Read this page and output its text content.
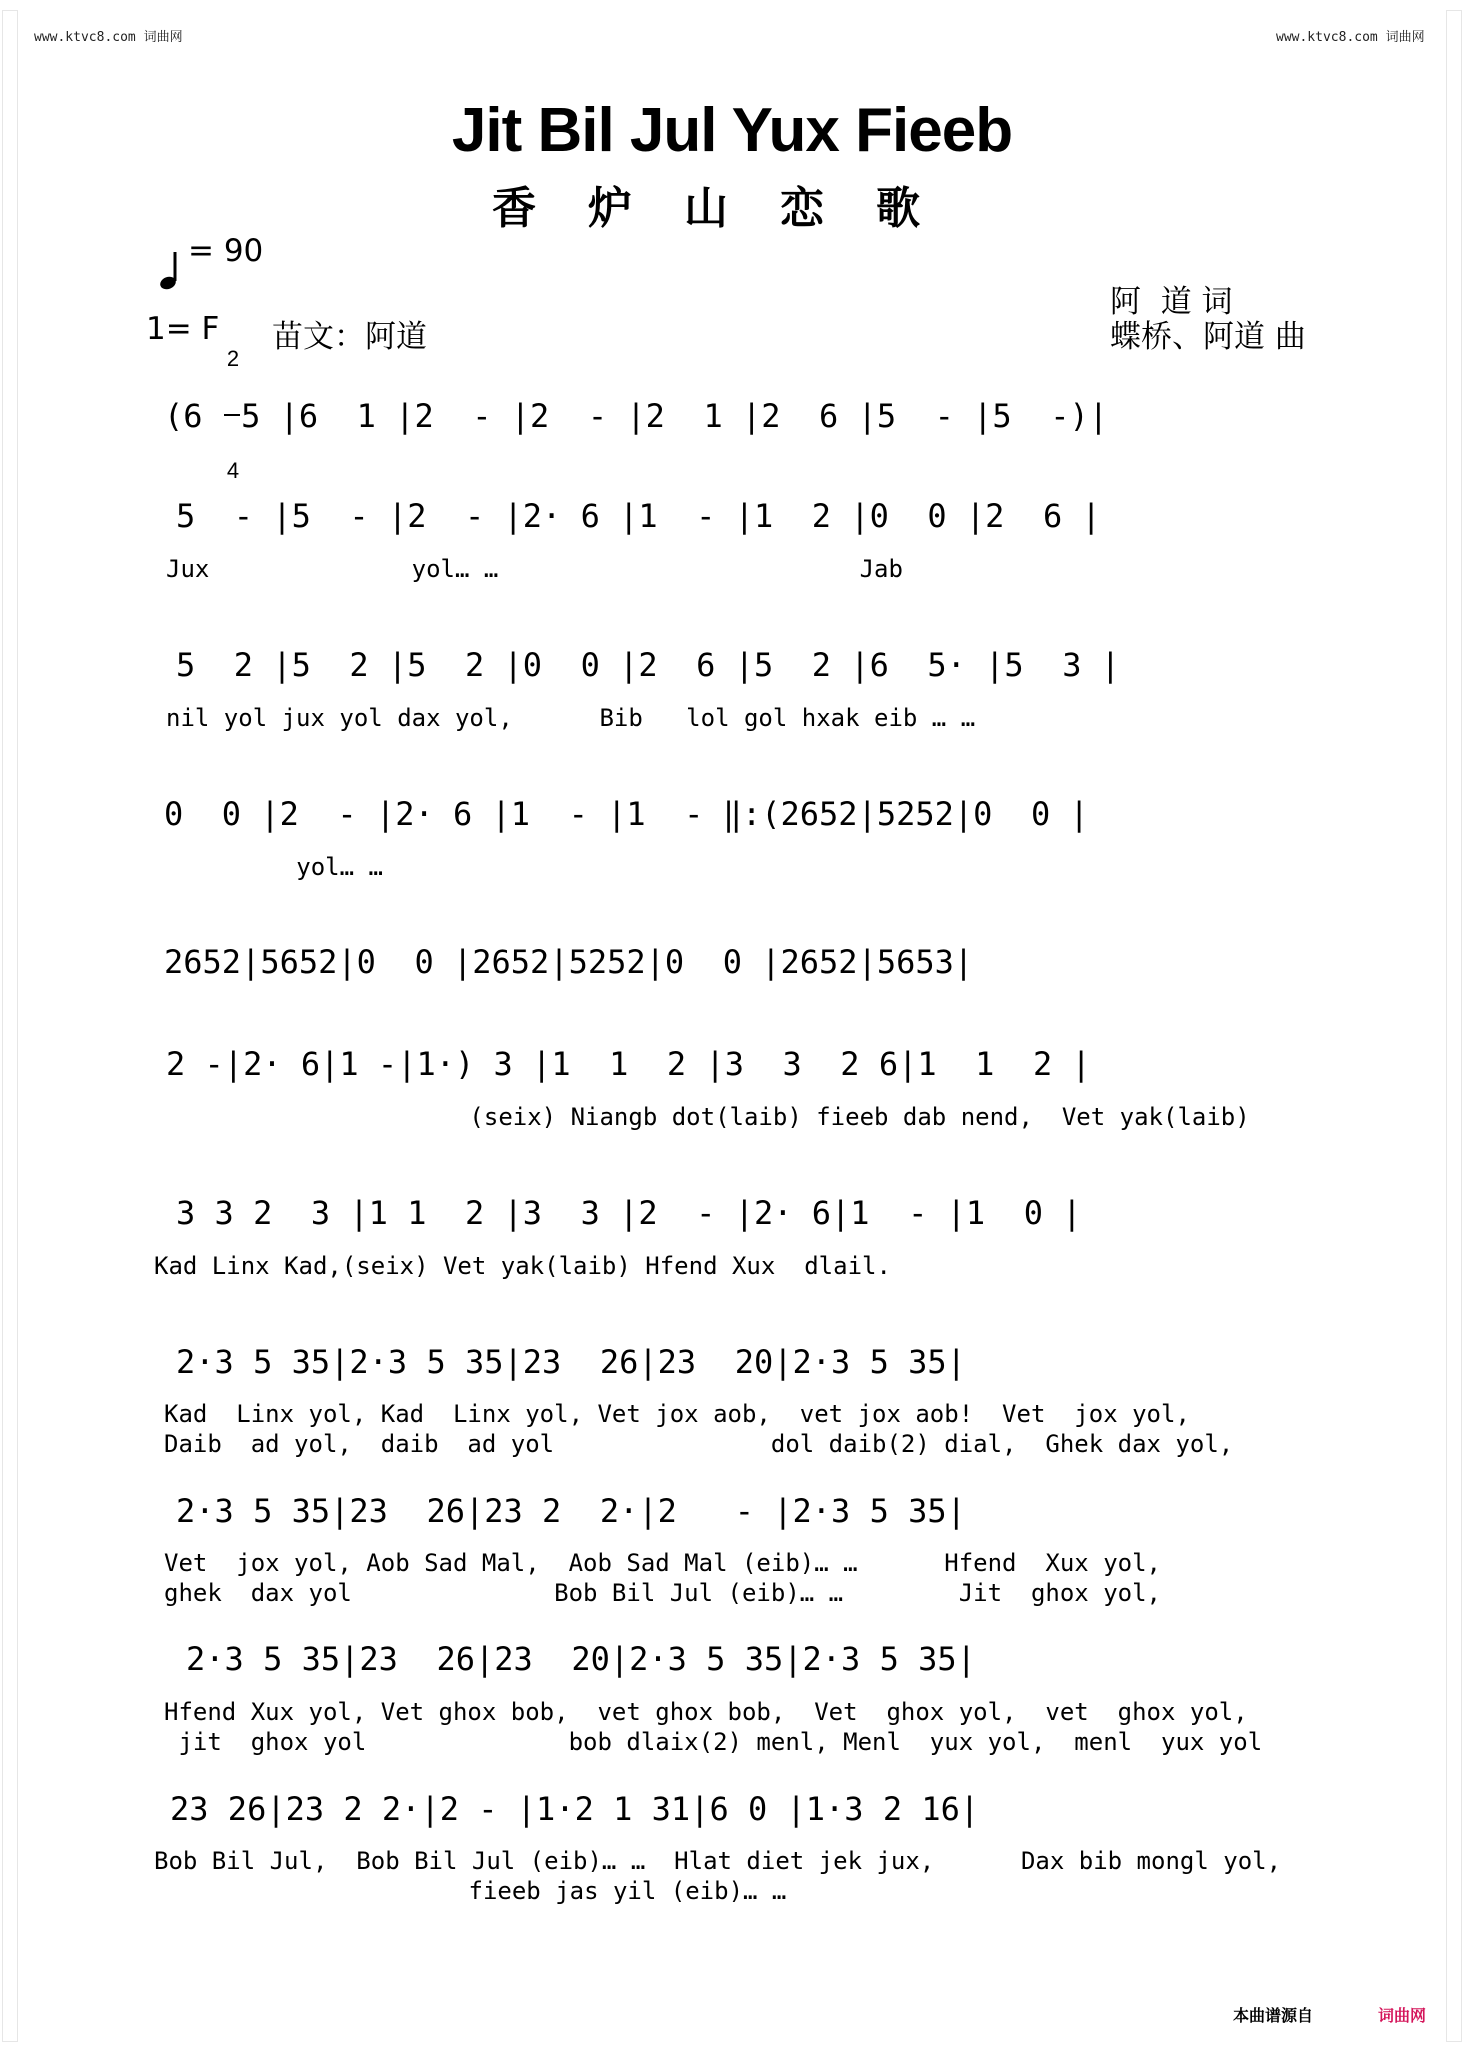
www.ktvc8.com 词曲网	www.ktvc8.com 词曲网
Jit Bil Jul Yux Fieeb
香炉山恋歌

= 90
1= F

2

4

苗文：阿道
阿  道 词
蝶桥、阿道 曲
(6  5 |6  1 |2  - |2  - |2  1 |2  6 |5  - |5  -)|
5  - |5  - |2  - |2· 6 |1  - |1  2 |0  0 |2  6 |
Jux              yol… …                         Jab
5  2 |5  2 |5  2 |0  0 |2  6 |5  2 |6  5· |5  3 |
nil yol jux yol dax yol,      Bib   lol gol hxak eib … …
0  0 |2  - |2· 6 |1  - |1  - ‖:(2652|5252|0  0 |
yol… …
2652|5652|0  0 |2652|5252|0  0 |2652|5653|
2 -|2· 6|1 -|1·) 3 |1  1  2 |3  3  2 6|1  1  2 |
(seix) Niangb dot(laib) fieeb dab nend,  Vet yak(laib)
3 3 2  3 |1 1  2 |3  3 |2  - |2· 6|1  - |1  0 |
Kad Linx Kad,(seix) Vet yak(laib) Hfend Xux  dlail.
2·3 5 35|2·3 5 35|23  26|23  20|2·3 5 35|
Kad  Linx yol, Kad  Linx yol, Vet jox aob,  vet jox aob!  Vet  jox yol,
Daib  ad yol,  daib  ad yol               dol daib(2) dial,  Ghek dax yol,
2·3 5 35|23  26|23 2  2·|2   - |2·3 5 35|
Vet  jox yol, Aob Sad Mal,  Aob Sad Mal (eib)… …      Hfend  Xux yol,
ghek  dax yol              Bob Bil Jul (eib)… …        Jit  ghox yol,
2·3 5 35|23  26|23  20|2·3 5 35|2·3 5 35|
Hfend Xux yol, Vet ghox bob,  vet ghox bob,  Vet  ghox yol,  vet  ghox yol,
jit  ghox yol              bob dlaix(2) menl, Menl  yux yol,  menl  yux yol
23 26|23 2 2·|2 - |1·2 1 31|6 0 |1·3 2 16|
Bob Bil Jul,  Bob Bil Jul (eib)… …  Hlat diet jek jux,      Dax bib mongl yol,
fieeb jas yil (eib)… …
本曲谱源自	词曲网
